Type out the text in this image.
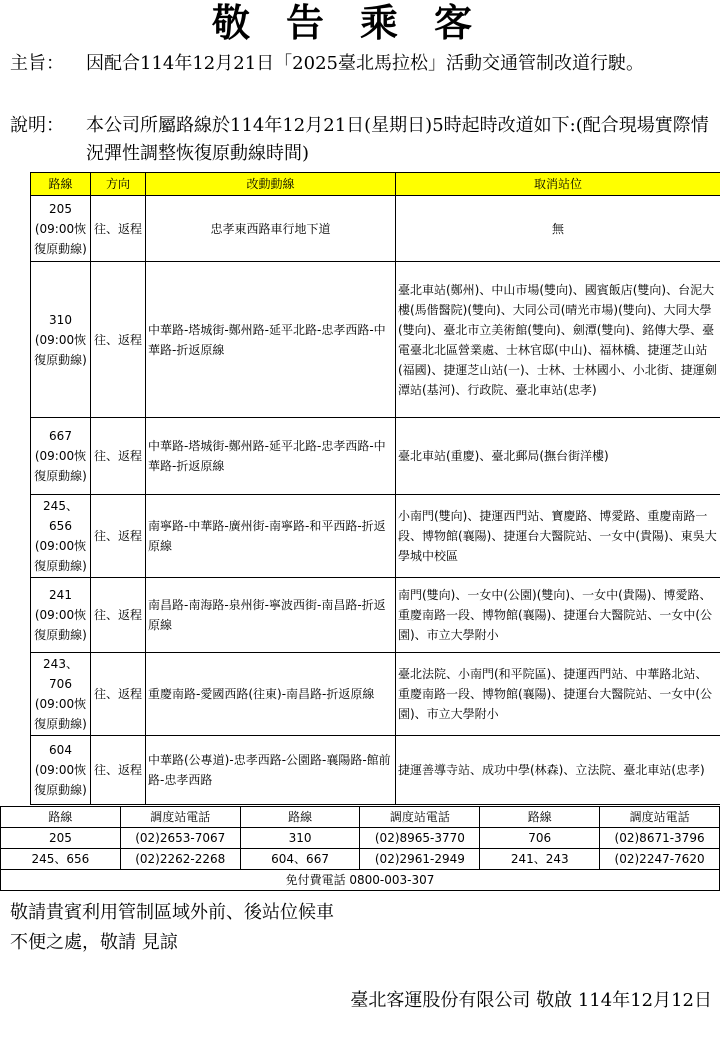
敬告乘客
主旨： 因配合114年12月21日「2025臺北馬拉松」活動交通管制改道行駛。
說明： 本公司所屬路線於114年12月21日(星期日)5時起時改道如下:(配合現場實際情況彈性調整恢復原動線時間)
路線	方向	改動動線	取消站位

205
(09:00恢復原動線)	往、返程	忠孝東西路車行地下道	無

310
(09:00恢復原動線)	往、返程	中華路-塔城街-鄭州路-延平北路-忠孝西路-中華路-折返原線	臺北車站(鄭州)、中山市場(雙向)、國賓飯店(雙向)、台泥大樓(馬偕醫院)(雙向)、大同公司(晴光市場)(雙向)、大同大學(雙向)、臺北市立美術館(雙向)、劍潭(雙向)、銘傳大學、臺電臺北北區營業處、士林官邸(中山)、福林橋、捷運芝山站(福國)、捷運芝山站(一)、士林、士林國小、小北街、捷運劍潭站(基河)、行政院、臺北車站(忠孝)

667
(09:00恢復原動線)	往、返程	中華路-塔城街-鄭州路-延平北路-忠孝西路-中華路-折返原線	臺北車站(重慶)、臺北郵局(撫台街洋樓)

245、656
(09:00恢復原動線)	往、返程	南寧路-中華路-廣州街-南寧路-和平西路-折返原線	小南門(雙向)、捷運西門站、寶慶路、博愛路、重慶南路一段、博物館(襄陽)、捷運台大醫院站、一女中(貴陽)、東吳大學城中校區

241
(09:00恢復原動線)	往、返程	南昌路-南海路-泉州街-寧波西街-南昌路-折返原線	南門(雙向)、一女中(公園)(雙向)、一女中(貴陽)、博愛路、重慶南路一段、博物館(襄陽)、捷運台大醫院站、一女中(公園)、市立大學附小

243、706
(09:00恢復原動線)	往、返程	重慶南路-愛國西路(往東)-南昌路-折返原線	臺北法院、小南門(和平院區)、捷運西門站、中華路北站、重慶南路一段、博物館(襄陽)、捷運台大醫院站、一女中(公園)、市立大學附小

604
(09:00恢復原動線)	往、返程	中華路(公專道)-忠孝西路-公園路-襄陽路-館前路-忠孝西路	捷運善導寺站、成功中學(林森)、立法院、臺北車站(忠孝)
路線	調度站電話	路線	調度站電話	路線	調度站電話
205	(02)2653-7067	310	(02)8965-3770	706	(02)8671-3796
245、656	(02)2262-2268	604、667	(02)2961-2949	241、243	(02)2247-7620
免付費電話 0800-003-307					
敬請貴賓利用管制區域外前、後站位候車
不便之處，敬請 見諒
臺北客運股份有限公司 敬啟 114年12月12日
